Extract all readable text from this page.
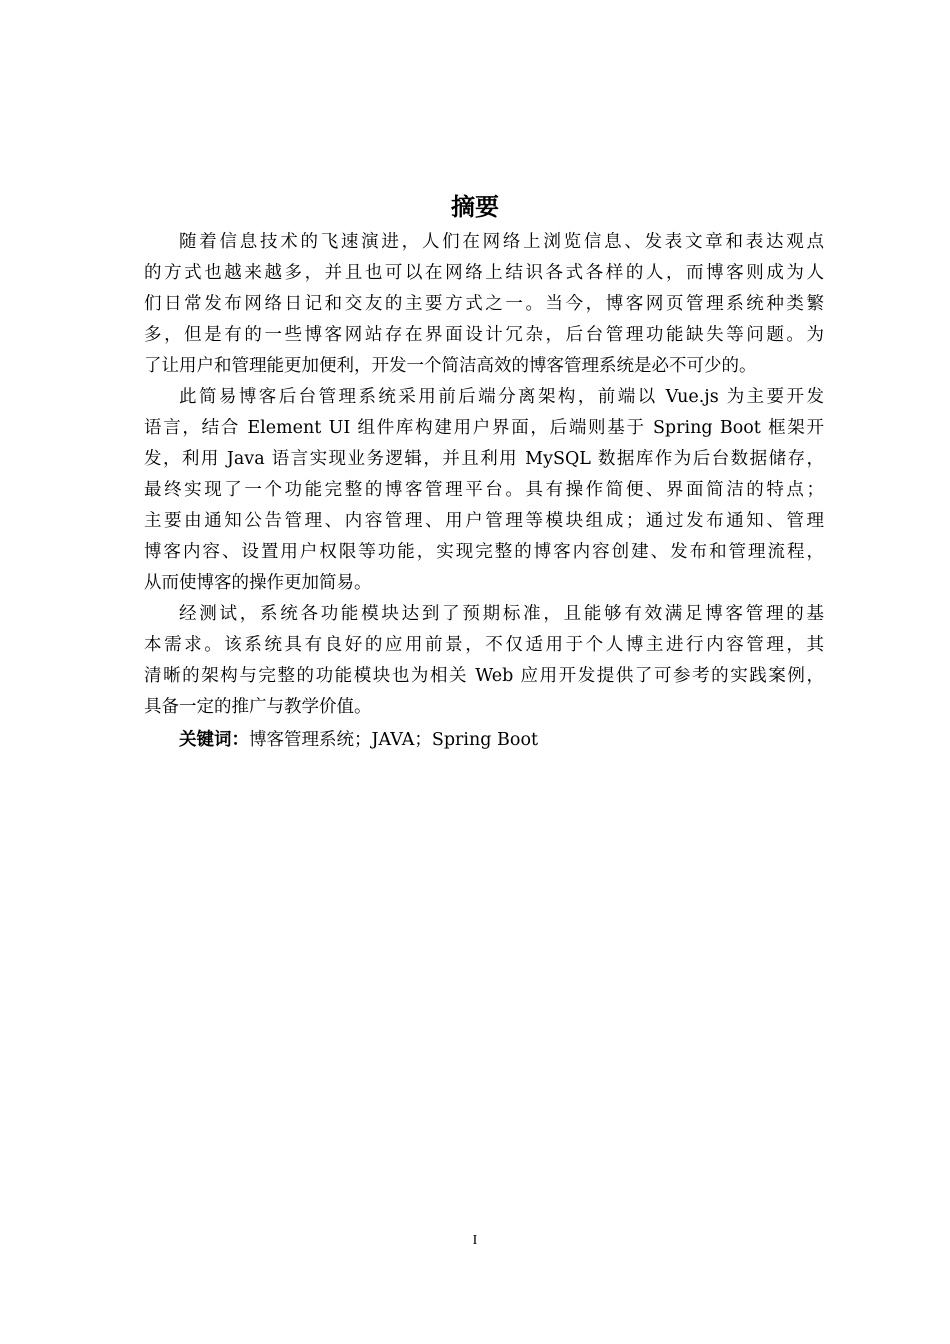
摘要
随着信息技术的飞速演进，人们在网络上浏览信息、发表文章和表达观点
的方式也越来越多，并且也可以在网络上结识各式各样的人，而博客则成为人
们日常发布网络日记和交友的主要方式之一。当今，博客网页管理系统种类繁
多，但是有的一些博客网站存在界面设计冗杂，后台管理功能缺失等问题。为
了让用户和管理能更加便利，开发一个简洁高效的博客管理系统是必不可少的。
此简易博客后台管理系统采用前后端分离架构，前端以 Vue.js 为主要开发
语言，结合 Element UI 组件库构建用户界面，后端则基于 Spring Boot 框架开
发，利用 Java 语言实现业务逻辑，并且利用 MySQL 数据库作为后台数据储存，
最终实现了一个功能完整的博客管理平台。具有操作简便、界面简洁的特点；
主要由通知公告管理、内容管理、用户管理等模块组成；通过发布通知、管理
博客内容、设置用户权限等功能，实现完整的博客内容创建、发布和管理流程，
从而使博客的操作更加简易。
经测试，系统各功能模块达到了预期标准，且能够有效满足博客管理的基
本需求。该系统具有良好的应用前景，不仅适用于个人博主进行内容管理，其
清晰的架构与完整的功能模块也为相关 Web 应用开发提供了可参考的实践案例，
具备一定的推广与教学价值。
关键词：博客管理系统；JAVA；Spring Boot
I
